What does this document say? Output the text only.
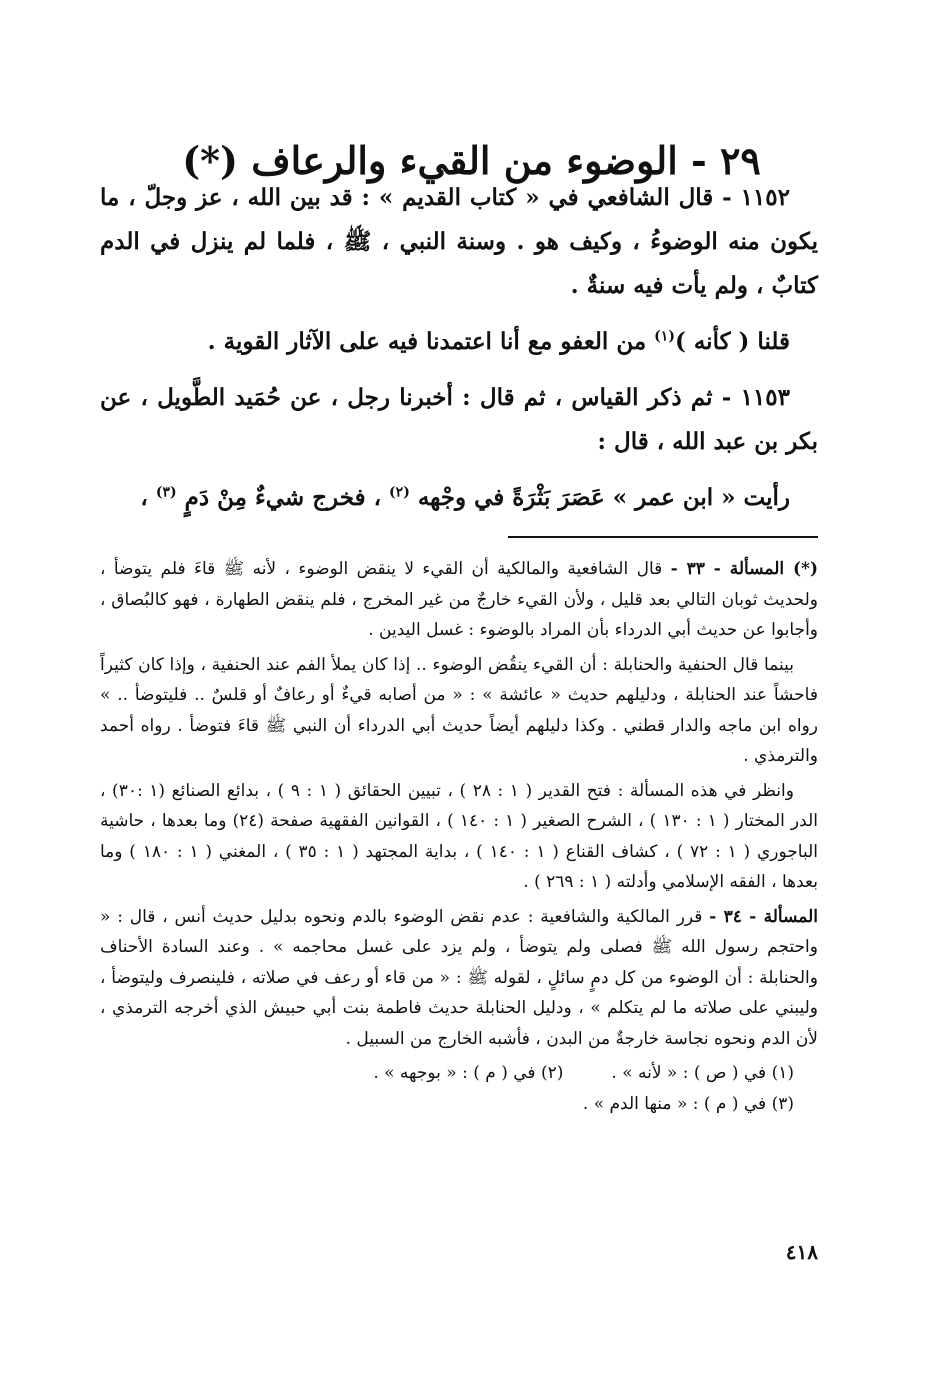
٢٩ - الوضوء من القيء والرعاف (*)

١١٥٢ - قال الشافعي في « كتاب القديم » : قد بين الله ، عز وجلّ ، ما يكون منه الوضوءُ ، وكيف هو . وسنة النبي ، ﷺ ، فلما لم ينزل في الدم كتابٌ ، ولم يأت فيه سنةٌ .

قلنا ( كأنه )$^{(١)}$ من العفو مع أنا اعتمدنا فيه على الآثار القوية .

١١٥٣ - ثم ذكر القياس ، ثم قال : أخبرنا رجل ، عن حُمَيد الطَّويل ، عن بكر بن عبد الله ، قال :

رأيت « ابن عمر » عَصَرَ بَثْرَةً في وجْهه $^{(٢)}$ ، فخرج شيءٌ مِنْ دَمٍ $^{(٣)}$ ،

(*) المسألة - ٣٣ - قال الشافعية والمالكية أن القيء لا ينقض الوضوء ، لأنه ﷺ قاءَ فلم يتوضأ ، ولحديث ثوبان التالي بعد قليل ، ولأن القيء خارجٌ من غير المخرج ، فلم ينقض الطهارة ، فهو كالبُصاق ، وأجابوا عن حديث أبي الدرداء بأن المراد بالوضوء : غسل اليدين .

بينما قال الحنفية والحنابلة : أن القيء ينقُض الوضوء .. إذا كان يملأ الفم عند الحنفية ، وإذا كان كثيراً فاحشاً عند الحنابلة ، ودليلهم حديث « عائشة » : « من أصابه قيءٌ أو رعافٌ أو قلسٌ .. فليتوضأ .. » رواه ابن ماجه والدار قطني . وكذا دليلهم أيضاً حديث أبي الدرداء أن النبي ﷺ قاءَ فتوضأ . رواه أحمد والترمذي .

وانظر في هذه المسألة : فتح القدير ( ١ : ٢٨ ) ، تبيين الحقائق ( ١ : ٩ ) ، بدائع الصنائع (١ :٣٠) ، الدر المختار ( ١ : ١٣٠ ) ، الشرح الصغير ( ١ : ١٤٠ ) ، القوانين الفقهية صفحة (٢٤) وما بعدها ، حاشية الباجوري ( ١ : ٧٢ ) ، كشاف القناع ( ١ : ١٤٠ ) ، بداية المجتهد ( ١ : ٣٥ ) ، المغني ( ١ : ١٨٠ ) وما بعدها ، الفقه الإسلامي وأدلته ( ١ : ٢٦٩ ) .

المسألة - ٣٤ - قرر المالكية والشافعية : عدم نقض الوضوء بالدم ونحوه بدليل حديث أنس ، قال : « واحتجم رسول الله ﷺ فصلى ولم يتوضأ ، ولم يزد على غسل محاجمه » . وعند السادة الأحناف والحنابلة : أن الوضوء من كل دمٍ سائلٍ ، لقوله ﷺ : « من قاء أو رعف في صلاته ، فلينصرف وليتوضأ ، وليبني على صلاته ما لم يتكلم » ، ودليل الحنابلة حديث فاطمة بنت أبي حبيش الذي أخرجه الترمذي ، لأن الدم ونحوه نجاسة خارجةٌ من البدن ، فأشبه الخارج من السبيل .

(١) في ( ص ) : « لأنه » .
(٢) في ( م ) : « بوجهه » .
(٣) في ( م ) : « منها الدم » .
٤١٨
